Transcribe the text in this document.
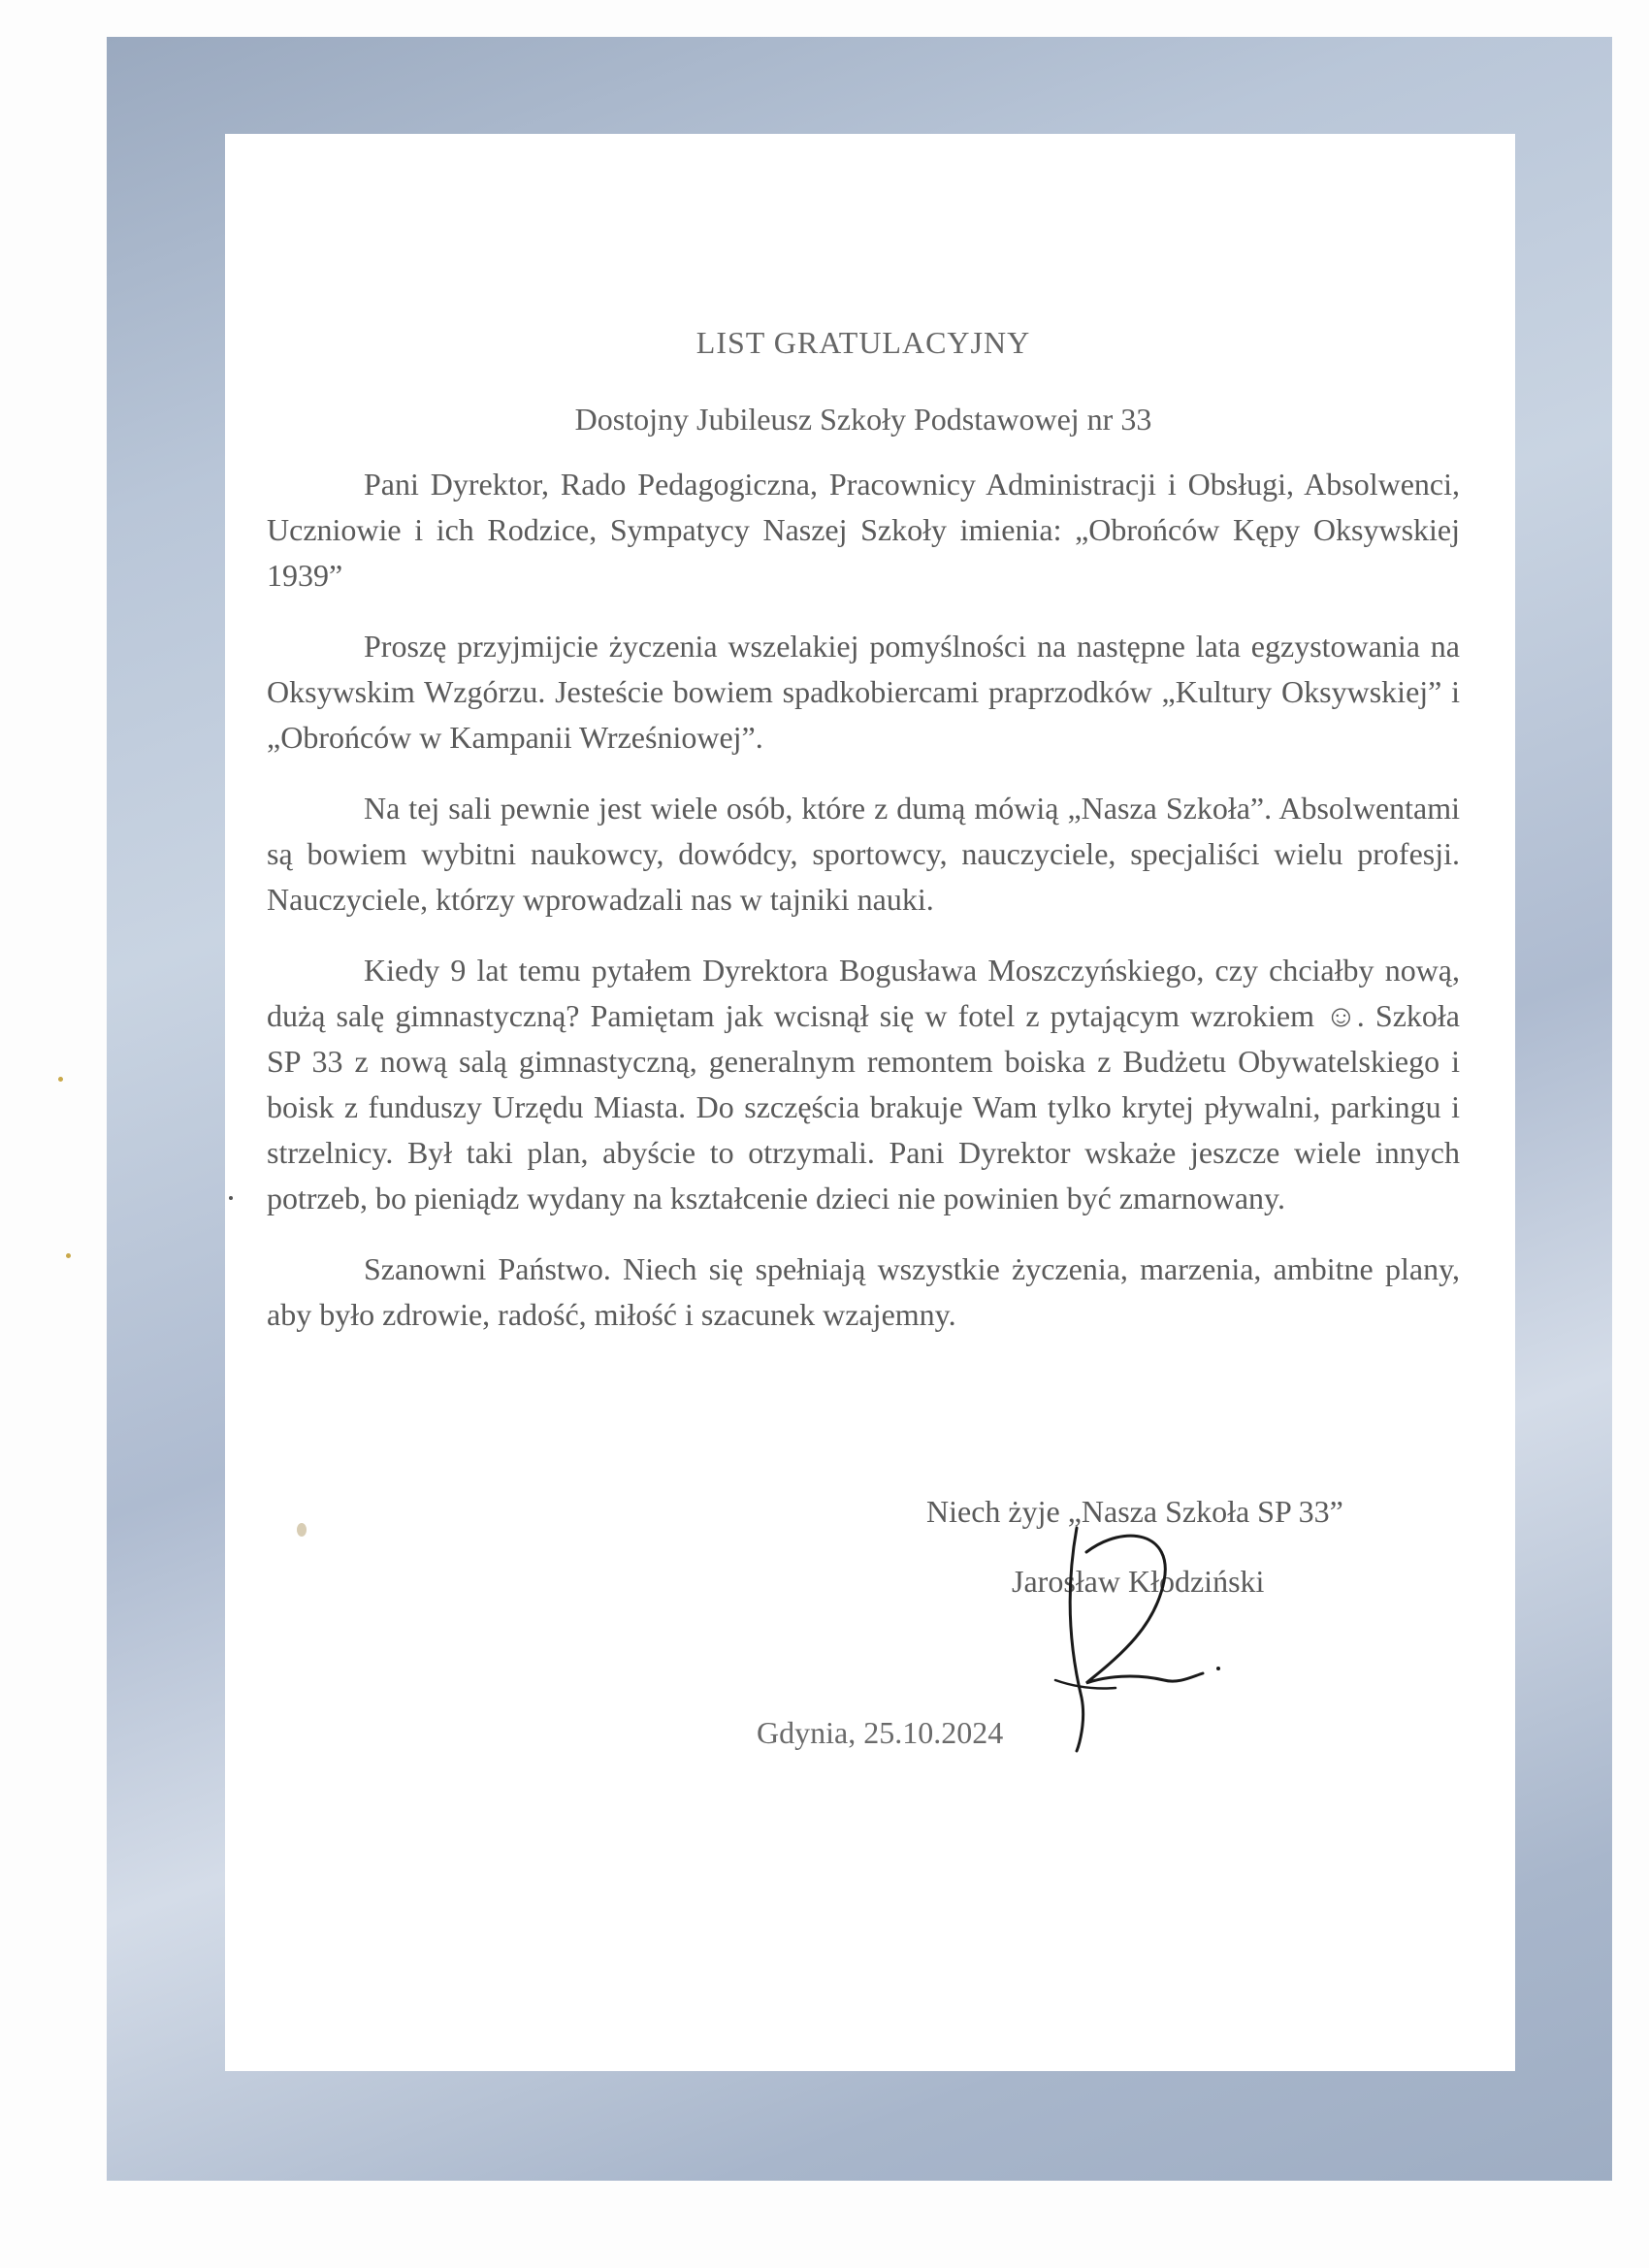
LIST GRATULACYJNY

Dostojny Jubileusz Szkoły Podstawowej nr 33

Pani Dyrektor, Rado Pedagogiczna, Pracownicy Administracji i Obsługi, Absolwenci, Uczniowie i ich Rodzice, Sympatycy Naszej Szkoły imienia: „Obrońców Kępy Oksywskiej 1939”

Proszę przyjmijcie życzenia wszelakiej pomyślności na następne lata egzystowania na Oksywskim Wzgórzu. Jesteście bowiem spadkobiercami praprzodków „Kultury Oksywskiej” i „Obrońców w Kampanii Wrześniowej”.

Na tej sali pewnie jest wiele osób, które z dumą mówią „Nasza Szkoła”. Absolwentami są bowiem wybitni naukowcy, dowódcy, sportowcy, nauczyciele, specjaliści wielu profesji. Nauczyciele, którzy wprowadzali nas w tajniki nauki.

Kiedy 9 lat temu pytałem Dyrektora Bogusława Moszczyńskiego, czy chciałby nową, dużą salę gimnastyczną? Pamiętam jak wcisnął się w fotel z pytającym wzrokiem ☺. Szkoła SP 33 z nową salą gimnastyczną, generalnym remontem boiska z Budżetu Obywatelskiego i boisk z funduszy Urzędu Miasta. Do szczęścia brakuje Wam tylko krytej pływalni, parkingu i strzelnicy. Był taki plan, abyście to otrzymali. Pani Dyrektor wskaże jeszcze wiele innych potrzeb, bo pieniądz wydany na kształcenie dzieci nie powinien być zmarnowany.

Szanowni Państwo. Niech się spełniają wszystkie życzenia, marzenia, ambitne plany, aby było zdrowie, radość, miłość i szacunek wzajemny.

Niech żyje „Nasza Szkoła SP 33”

Jarosław Kłodziński

Gdynia, 25.10.2024
